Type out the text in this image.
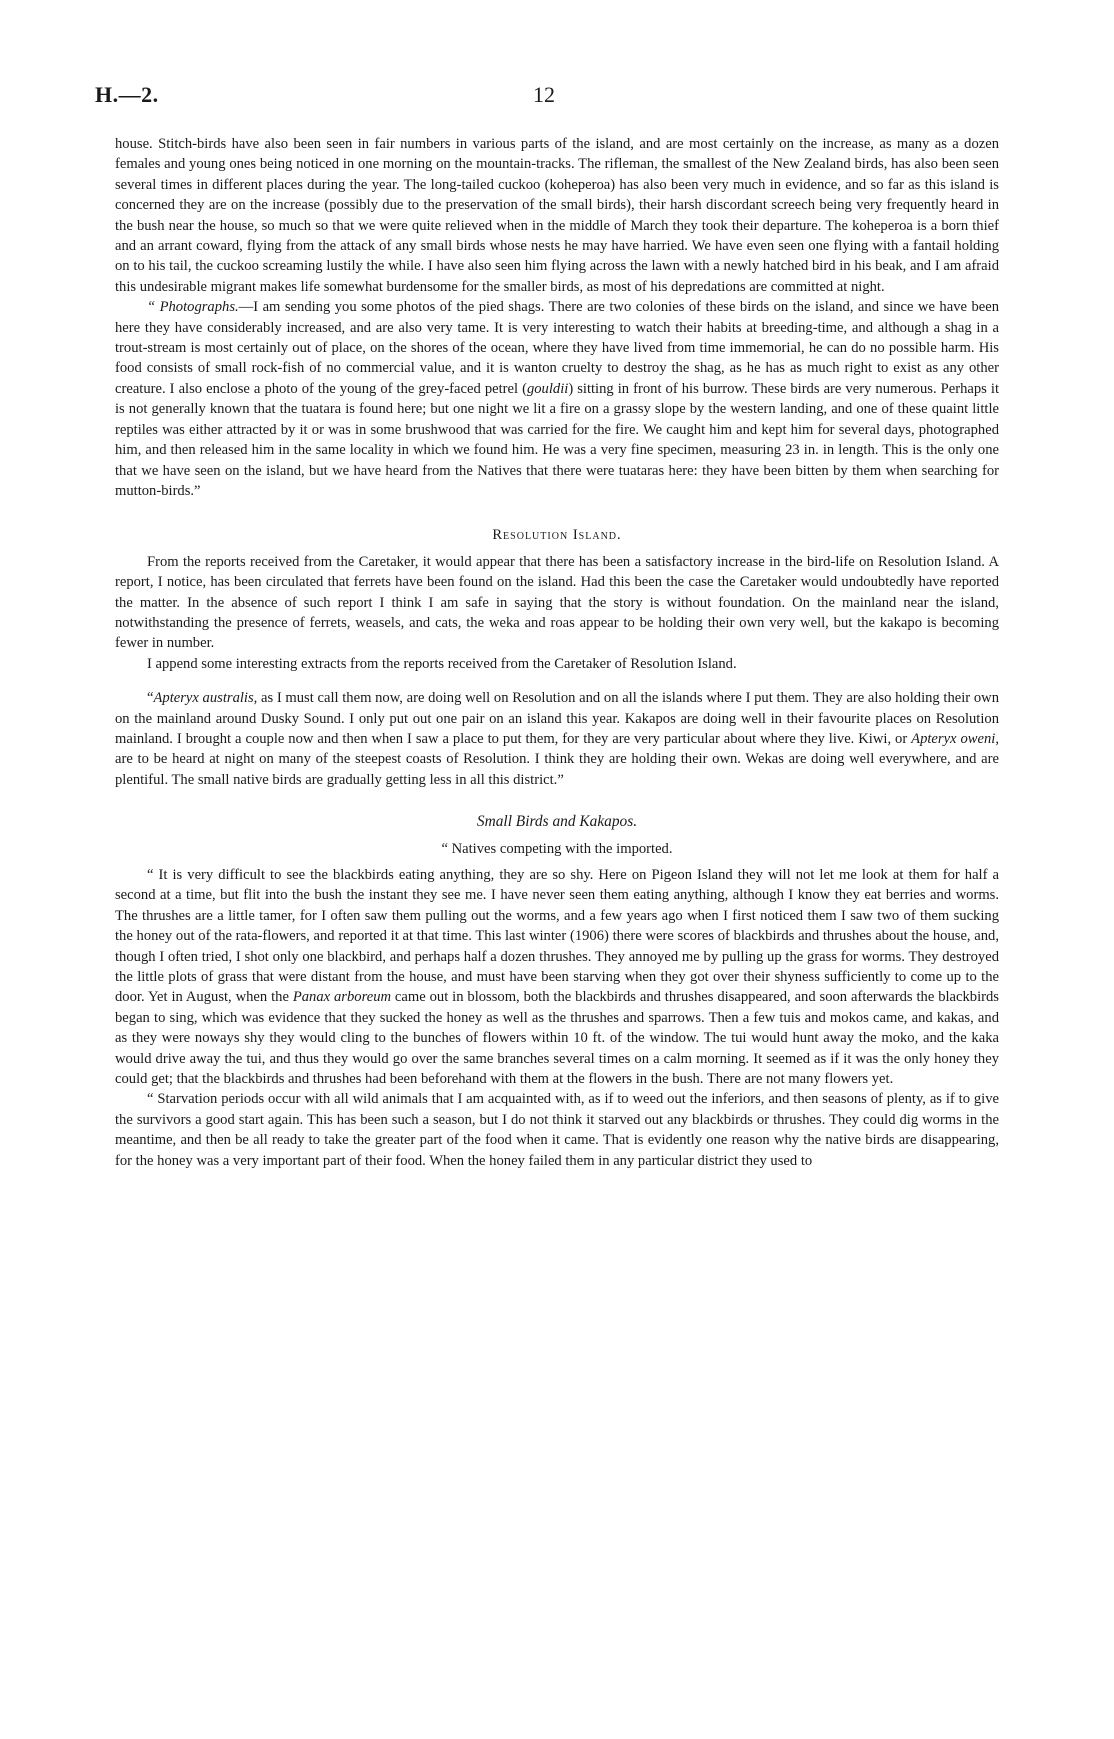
H.—2.	12

house. Stitch-birds have also been seen in fair numbers in various parts of the island, and are most certainly on the increase, as many as a dozen females and young ones being noticed in one morning on the mountain-tracks. The rifleman, the smallest of the New Zealand birds, has also been seen several times in different places during the year. The long-tailed cuckoo (koheperoa) has also been very much in evidence, and so far as this island is concerned they are on the increase (possibly due to the preservation of the small birds), their harsh discordant screech being very frequently heard in the bush near the house, so much so that we were quite relieved when in the middle of March they took their departure. The koheperoa is a born thief and an arrant coward, flying from the attack of any small birds whose nests he may have harried. We have even seen one flying with a fantail holding on to his tail, the cuckoo screaming lustily the while. I have also seen him flying across the lawn with a newly hatched bird in his beak, and I am afraid this undesirable migrant makes life somewhat burdensome for the smaller birds, as most of his depredations are committed at night.

“ Photographs.—I am sending you some photos of the pied shags. There are two colonies of these birds on the island, and since we have been here they have considerably increased, and are also very tame. It is very interesting to watch their habits at breeding-time, and although a shag in a trout-stream is most certainly out of place, on the shores of the ocean, where they have lived from time immemorial, he can do no possible harm. His food consists of small rock-fish of no commercial value, and it is wanton cruelty to destroy the shag, as he has as much right to exist as any other creature. I also enclose a photo of the young of the grey-faced petrel (gouldii) sitting in front of his burrow. These birds are very numerous. Perhaps it is not generally known that the tuatara is found here; but one night we lit a fire on a grassy slope by the western landing, and one of these quaint little reptiles was either attracted by it or was in some brushwood that was carried for the fire. We caught him and kept him for several days, photographed him, and then released him in the same locality in which we found him. He was a very fine specimen, measuring 23 in. in length. This is the only one that we have seen on the island, but we have heard from the Natives that there were tuataras here: they have been bitten by them when searching for mutton-birds.”

Resolution Island.

From the reports received from the Caretaker, it would appear that there has been a satisfactory increase in the bird-life on Resolution Island. A report, I notice, has been circulated that ferrets have been found on the island. Had this been the case the Caretaker would undoubtedly have reported the matter. In the absence of such report I think I am safe in saying that the story is without foundation. On the mainland near the island, notwithstanding the presence of ferrets, weasels, and cats, the weka and roas appear to be holding their own very well, but the kakapo is becoming fewer in number.

I append some interesting extracts from the reports received from the Caretaker of Resolution Island.

“Apteryx australis, as I must call them now, are doing well on Resolution and on all the islands where I put them. They are also holding their own on the mainland around Dusky Sound. I only put out one pair on an island this year. Kakapos are doing well in their favourite places on Resolution mainland. I brought a couple now and then when I saw a place to put them, for they are very particular about where they live. Kiwi, or Apteryx oweni, are to be heard at night on many of the steepest coasts of Resolution. I think they are holding their own. Wekas are doing well everywhere, and are plentiful. The small native birds are gradually getting less in all this district.”

Small Birds and Kakapos.
“ Natives competing with the imported.

“ It is very difficult to see the blackbirds eating anything, they are so shy. Here on Pigeon Island they will not let me look at them for half a second at a time, but flit into the bush the instant they see me. I have never seen them eating anything, although I know they eat berries and worms. The thrushes are a little tamer, for I often saw them pulling out the worms, and a few years ago when I first noticed them I saw two of them sucking the honey out of the rata-flowers, and reported it at that time. This last winter (1906) there were scores of blackbirds and thrushes about the house, and, though I often tried, I shot only one blackbird, and perhaps half a dozen thrushes. They annoyed me by pulling up the grass for worms. They destroyed the little plots of grass that were distant from the house, and must have been starving when they got over their shyness sufficiently to come up to the door. Yet in August, when the Panax arboreum came out in blossom, both the blackbirds and thrushes disappeared, and soon afterwards the blackbirds began to sing, which was evidence that they sucked the honey as well as the thrushes and sparrows. Then a few tuis and mokos came, and kakas, and as they were noways shy they would cling to the bunches of flowers within 10 ft. of the window. The tui would hunt away the moko, and the kaka would drive away the tui, and thus they would go over the same branches several times on a calm morning. It seemed as if it was the only honey they could get; that the blackbirds and thrushes had been beforehand with them at the flowers in the bush. There are not many flowers yet.

“ Starvation periods occur with all wild animals that I am acquainted with, as if to weed out the inferiors, and then seasons of plenty, as if to give the survivors a good start again. This has been such a season, but I do not think it starved out any blackbirds or thrushes. They could dig worms in the meantime, and then be all ready to take the greater part of the food when it came. That is evidently one reason why the native birds are disappearing, for the honey was a very important part of their food. When the honey failed them in any particular district they used to
